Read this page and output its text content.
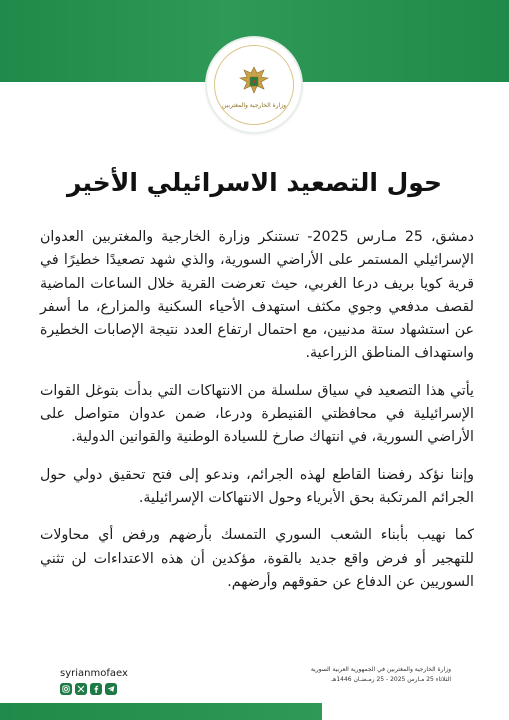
وزارة الخارجية والمغتربين
حول التصعيد الاسرائيلي الأخير

دمشق، 25 مـارس 2025- تستنكر وزارة الخارجية والمغتربين العدوان الإسرائيلي المستمر على الأراضي السورية، والذي شهد تصعيدًا خطيرًا في قرية كويا بريف درعا الغربي، حيث تعرضت القرية خلال الساعات الماضية لقصف مدفعي وجوي مكثف استهدف الأحياء السكنية والمزارع، ما أسفر عن استشهاد ستة مدنيين، مع احتمال ارتفاع العدد نتيجة الإصابات الخطيرة واستهداف المناطق الزراعية.

يأتي هذا التصعيد في سياق سلسلة من الانتهاكات التي بدأت بتوغل القوات الإسرائيلية في محافظتي القنيطرة ودرعا، ضمن عدوان متواصل على الأراضي السورية، في انتهاك صارخ للسيادة الوطنية والقوانين الدولية.

وإننا نؤكد رفضنا القاطع لهذه الجرائم، وندعو إلى فتح تحقيق دولي حول الجرائم المرتكبة بحق الأبرياء وحول الانتهاكات الإسرائيلية.

كما نهيب بأبناء الشعب السوري التمسك بأرضهم ورفض أي محاولات للتهجير أو فرض واقع جديد بالقوة، مؤكدين أن هذه الاعتداءات لن تثني السوريين عن الدفاع عن حقوقهم وأرضهم.

syrianmofaex	وزارة الخارجية والمغتربين في الجمهورية العربية السورية
الثلاثاء 25 مـارس 2025 - 25 رمـضـان 1446هـ
